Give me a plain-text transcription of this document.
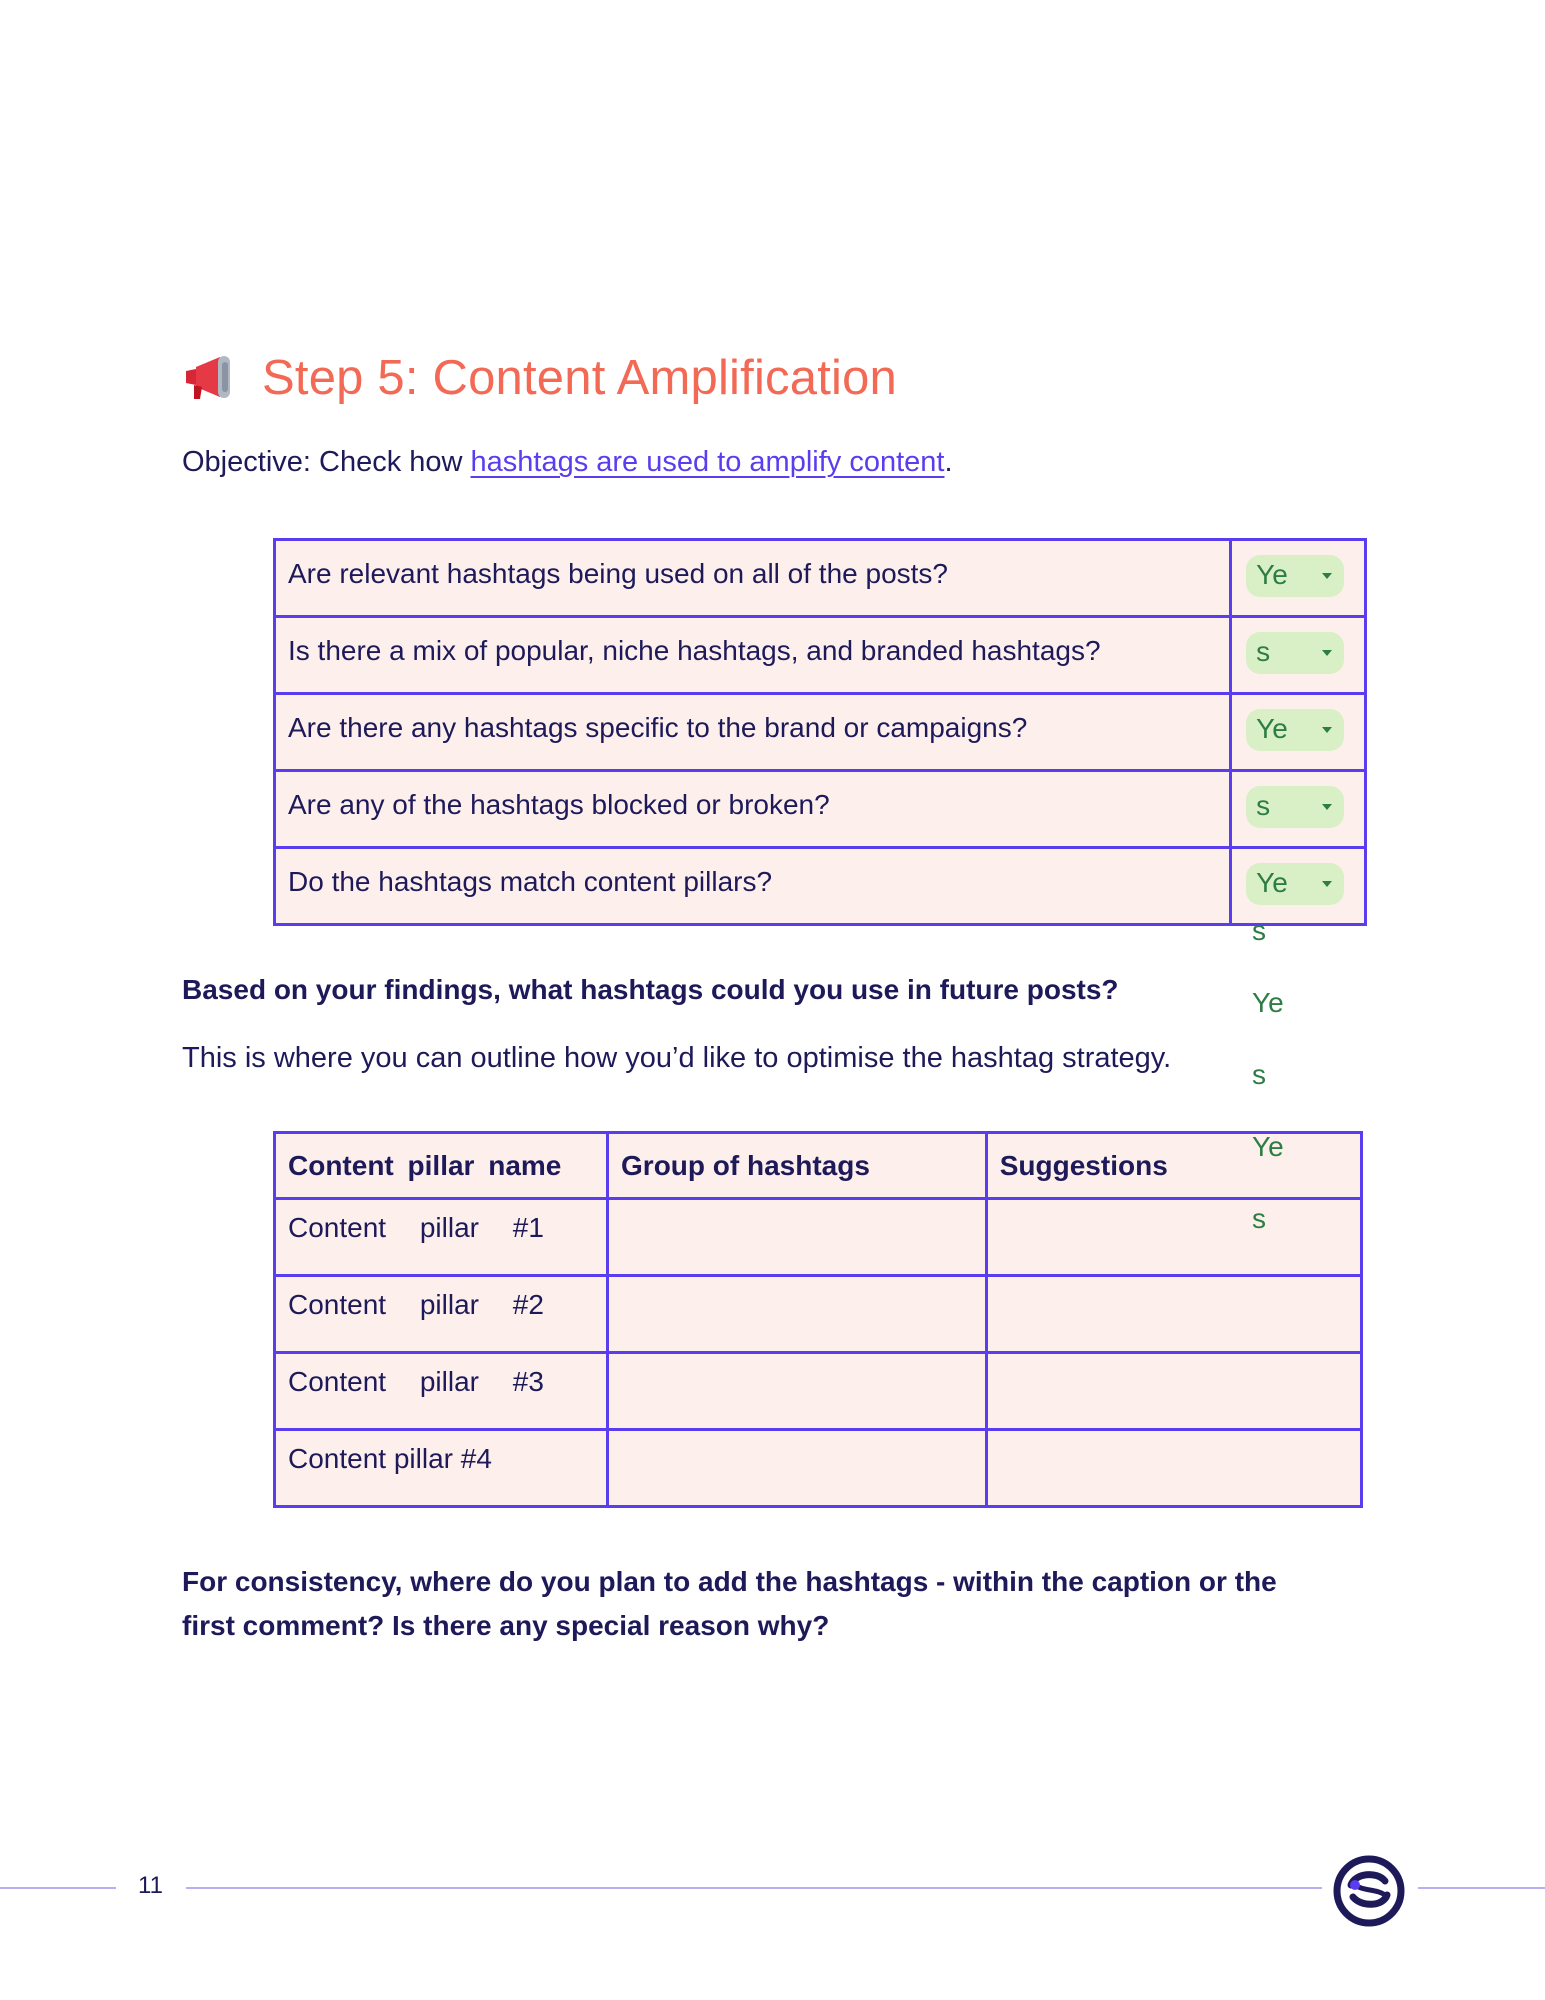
Step 5: Content Amplification
Objective: Check how hashtags are used to amplify content.
Are relevant hashtags being used on all of the posts?	Ye

Is there a mix of popular, niche hashtags, and branded hashtags?	s

Are there any hashtags specific to the brand or campaigns?	Ye

Are any of the hashtags blocked or broken?	s

Do the hashtags match content pillars?	Ye
s
Ye
s
Based on your findings, what hashtags could you use in future posts?
This is where you can outline how you’d like to optimise the hashtag strategy.
Content pillar name	Group of hashtags	Suggestions
Content pillar #1		
Content pillar #2		
Content pillar #3		
Content pillar #4		
Ye
s
For consistency, where do you plan to add the hashtags - within the caption or the
first comment? Is there any special reason why?
11
